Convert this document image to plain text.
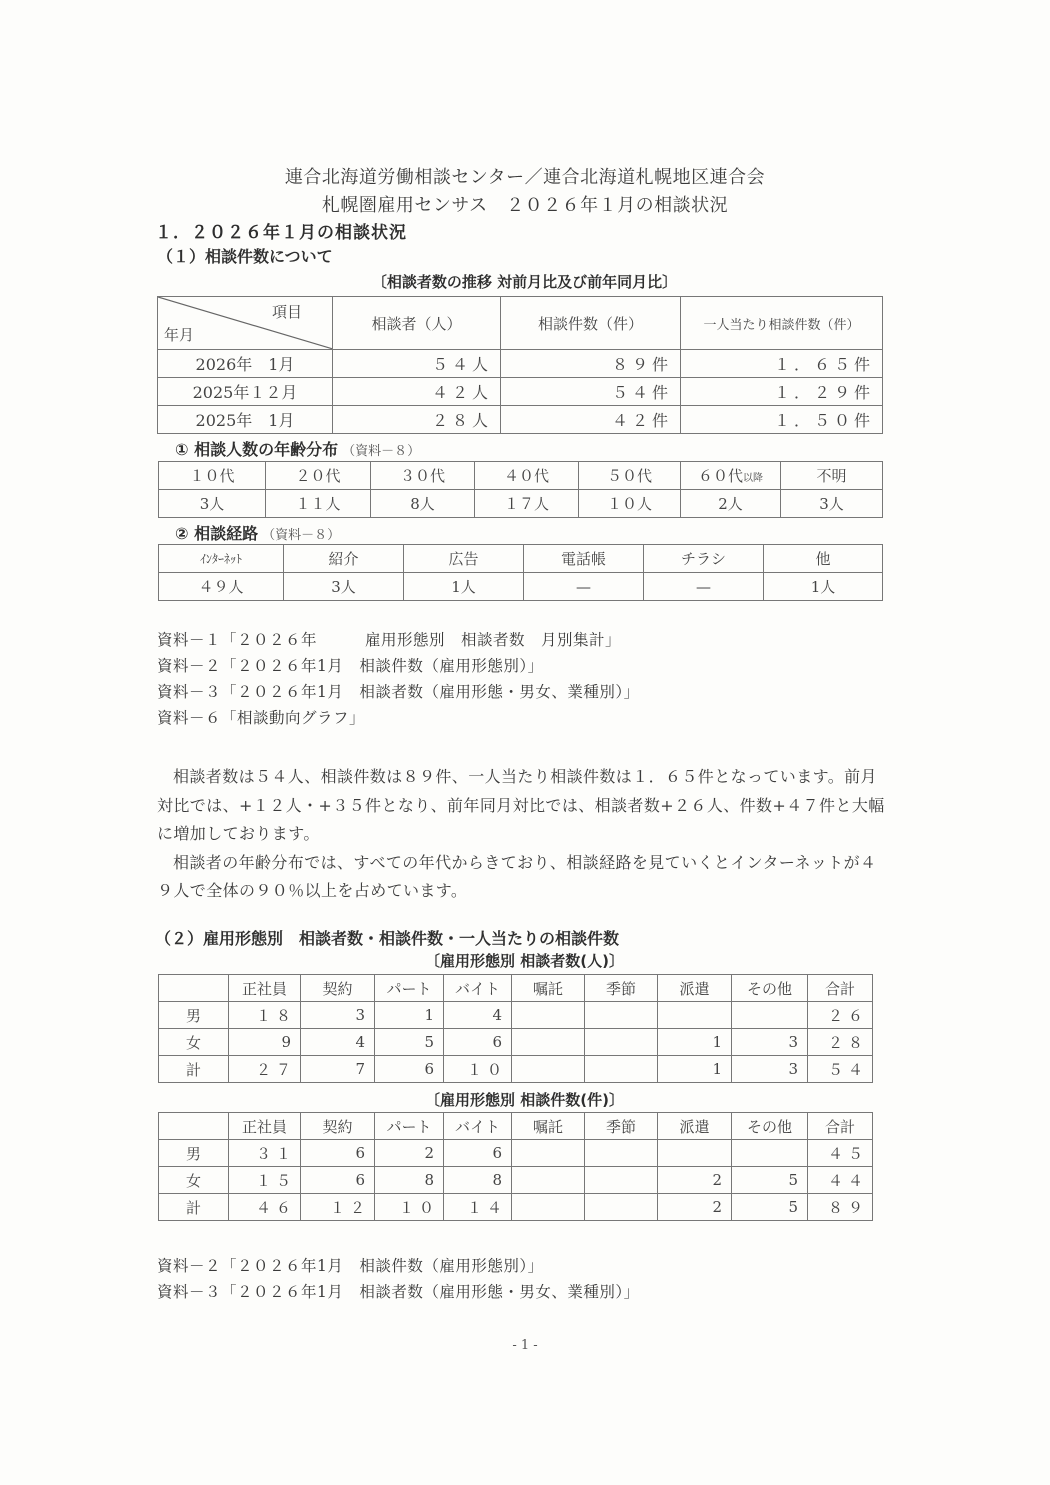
連合北海道労働相談センター／連合北海道札幌地区連合会
札幌圏雇用センサス　２０２６年１月の相談状況
１．２０２６年１月の相談状況
（１）相談件数について
〔相談者数の推移 対前月比及び前年同月比〕
項目
年月	相談者（人）	相談件数（件）	一人当たり相談件数（件）
2026年　1月	５４人	８９件	１．６５件
2025年１２月	４２人	５４件	１．２９件
2025年　1月	２８人	４２件	１．５０件
① 相談人数の年齢分布 （資料－８）
１０代	２０代	３０代	４０代	５０代	６０代以降	不明
3人	１１人	8人	１７人	１０人	2人	3人
② 相談経路 （資料－８）
ｲﾝﾀｰﾈｯﾄ	紹介	広告	電話帳	チラシ	他
４９人	3人	1人	—	—	1人
資料－１「２０２６年　　　雇用形態別　相談者数　月別集計」
資料－２「２０２６年1月　相談件数（雇用形態別）」
資料－３「２０２６年1月　相談者数（雇用形態・男女、業種別）」
資料－６「相談動向グラフ」

相談者数は５４人、相談件数は８９件、一人当たり相談件数は１．６５件となっています。前月対比では、+１２人・+３５件となり、前年同月対比では、相談者数+２６人、件数+４７件と大幅に増加しております。

相談者の年齢分布では、すべての年代からきており、相談経路を見ていくとインターネットが４９人で全体の９０％以上を占めています。

（２）雇用形態別　相談者数・相談件数・一人当たりの相談件数
〔雇用形態別 相談者数(人)〕
	正社員	契約	パート	バイト	嘱託	季節	派遣	その他	合計
男	１８	3	1	4					２６
女	9	4	5	6			1	3	２８
計	２７	7	6	１０			1	3	５４
〔雇用形態別 相談件数(件)〕
	正社員	契約	パート	バイト	嘱託	季節	派遣	その他	合計
男	３１	6	2	6					４５
女	１５	6	8	8			2	5	４４
計	４６	１２	１０	１４			2	5	８９
資料－２「２０２６年1月　相談件数（雇用形態別）」
資料－３「２０２６年1月　相談者数（雇用形態・男女、業種別）」
- 1 -
